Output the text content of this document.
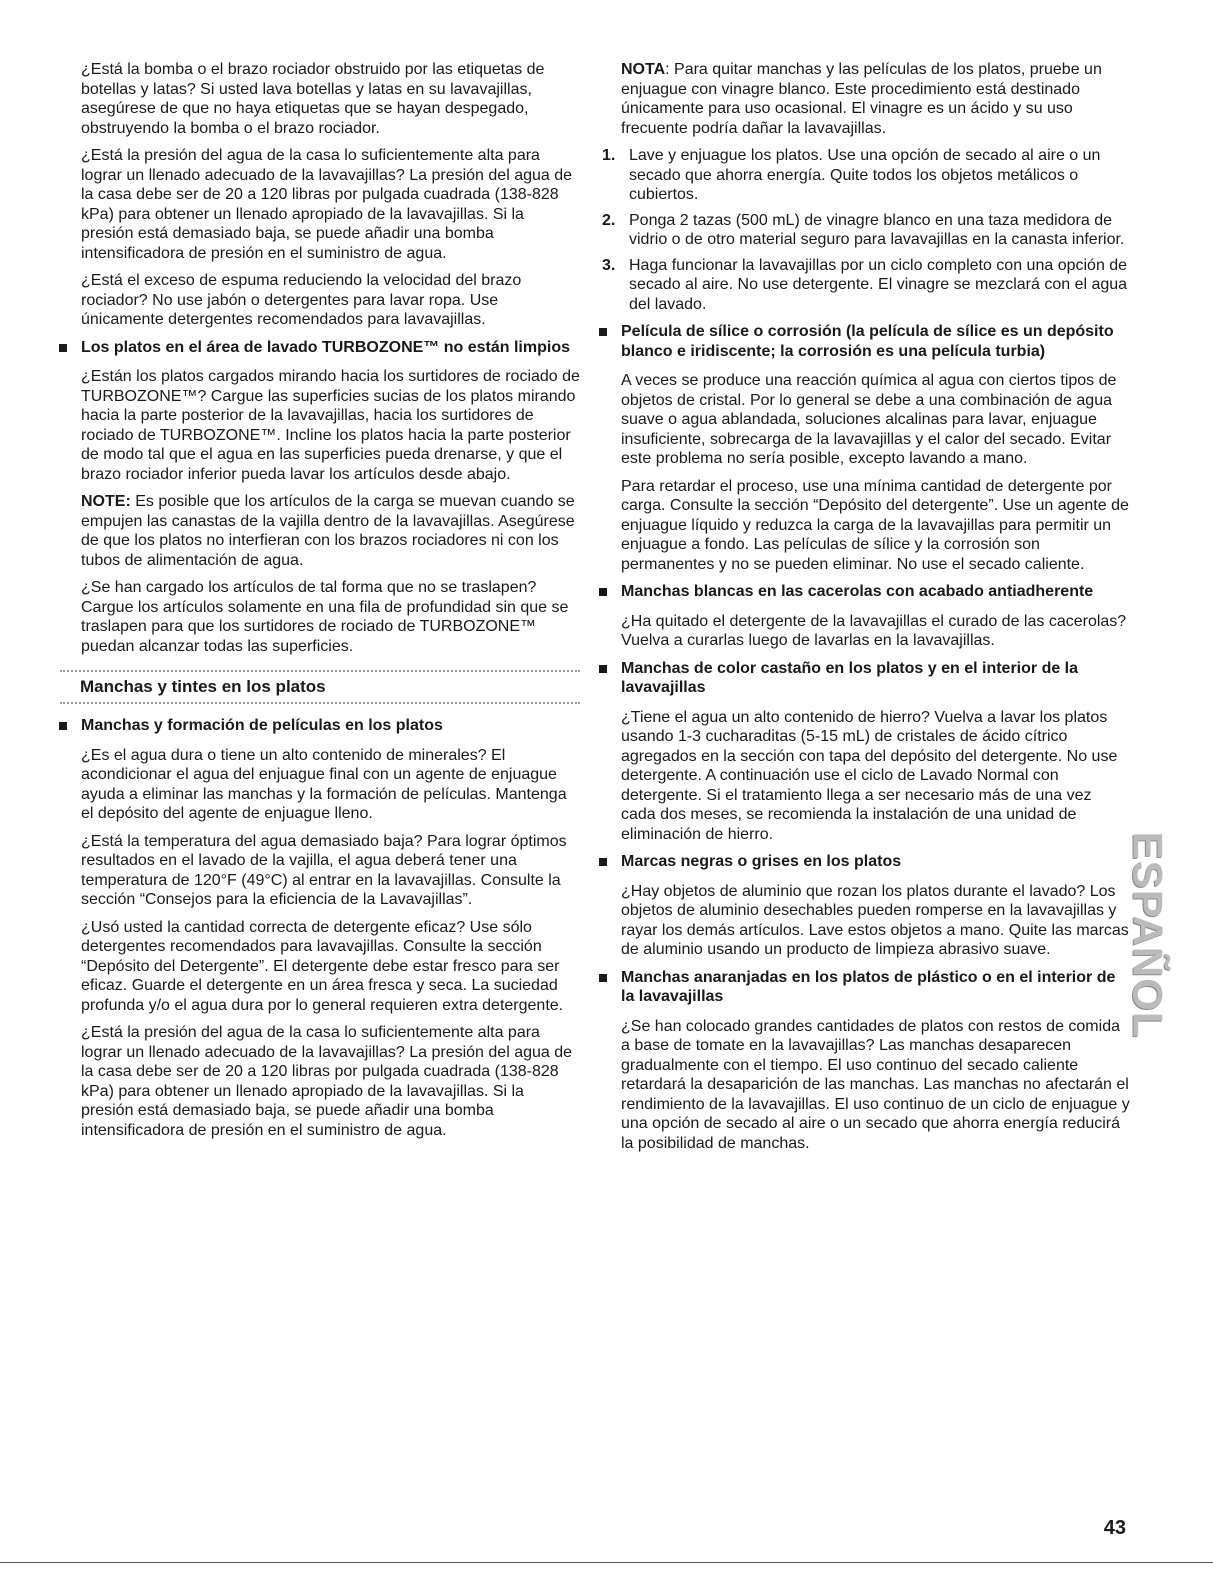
¿Está la bomba o el brazo rociador obstruido por las etiquetas de botellas y latas? Si usted lava botellas y latas en su lavavajillas, asegúrese de que no haya etiquetas que se hayan despegado, obstruyendo la bomba o el brazo rociador.

¿Está la presión del agua de la casa lo suficientemente alta para lograr un llenado adecuado de la lavavajillas? La presión del agua de la casa debe ser de 20 a 120 libras por pulgada cuadrada (138-828 kPa) para obtener un llenado apropiado de la lavavajillas. Si la presión está demasiado baja, se puede añadir una bomba intensificadora de presión en el suministro de agua.

¿Está el exceso de espuma reduciendo la velocidad del brazo rociador? No use jabón o detergentes para lavar ropa. Use únicamente detergentes recomendados para lavavajillas.

Los platos en el área de lavado TURBOZONE™ no están limpios

¿Están los platos cargados mirando hacia los surtidores de rociado de TURBOZONE™? Cargue las superficies sucias de los platos mirando hacia la parte posterior de la lavavajillas, hacia los surtidores de rociado de TURBOZONE™. Incline los platos hacia la parte posterior de modo tal que el agua en las superficies pueda drenarse, y que el brazo rociador inferior pueda lavar los artículos desde abajo.

NOTE: Es posible que los artículos de la carga se muevan cuando se empujen las canastas de la vajilla dentro de la lavavajillas. Asegúrese de que los platos no interfieran con los brazos rociadores ni con los tubos de alimentación de agua.

¿Se han cargado los artículos de tal forma que no se traslapen? Cargue los artículos solamente en una fila de profundidad sin que se traslapen para que los surtidores de rociado de TURBOZONE™ puedan alcanzar todas las superficies.

Manchas y tintes en los platos
Manchas y formación de películas en los platos

¿Es el agua dura o tiene un alto contenido de minerales? El acondicionar el agua del enjuague final con un agente de enjuague ayuda a eliminar las manchas y la formación de películas. Mantenga el depósito del agente de enjuague lleno.

¿Está la temperatura del agua demasiado baja? Para lograr óptimos resultados en el lavado de la vajilla, el agua deberá tener una temperatura de 120°F (49°C) al entrar en la lavavajillas. Consulte la sección “Consejos para la eficiencia de la Lavavajillas”.

¿Usó usted la cantidad correcta de detergente eficaz? Use sólo detergentes recomendados para lavavajillas. Consulte la sección “Depósito del Detergente”. El detergente debe estar fresco para ser eficaz. Guarde el detergente en un área fresca y seca. La suciedad profunda y/o el agua dura por lo general requieren extra detergente.

¿Está la presión del agua de la casa lo suficientemente alta para lograr un llenado adecuado de la lavavajillas? La presión del agua de la casa debe ser de 20 a 120 libras por pulgada cuadrada (138-828 kPa) para obtener un llenado apropiado de la lavavajillas. Si la presión está demasiado baja, se puede añadir una bomba intensificadora de presión en el suministro de agua.

NOTA: Para quitar manchas y las películas de los platos, pruebe un enjuague con vinagre blanco. Este procedimiento está destinado únicamente para uso ocasional. El vinagre es un ácido y su uso frecuente podría dañar la lavavajillas.

1. Lave y enjuague los platos. Use una opción de secado al aire o un secado que ahorra energía. Quite todos los objetos metálicos o cubiertos.
2. Ponga 2 tazas (500 mL) de vinagre blanco en una taza medidora de vidrio o de otro material seguro para lavavajillas en la canasta inferior.
3. Haga funcionar la lavavajillas por un ciclo completo con una opción de secado al aire. No use detergente. El vinagre se mezclará con el agua del lavado.
Película de sílice o corrosión (la película de sílice es un depósito blanco e iridiscente; la corrosión es una película turbia)

A veces se produce una reacción química al agua con ciertos tipos de objetos de cristal. Por lo general se debe a una combinación de agua suave o agua ablandada, soluciones alcalinas para lavar, enjuague insuficiente, sobrecarga de la lavavajillas y el calor del secado. Evitar este problema no sería posible, excepto lavando a mano.

Para retardar el proceso, use una mínima cantidad de detergente por carga. Consulte la sección “Depósito del detergente”. Use un agente de enjuague líquido y reduzca la carga de la lavavajillas para permitir un enjuague a fondo. Las películas de sílice y la corrosión son permanentes y no se pueden eliminar. No use el secado caliente.

Manchas blancas en las cacerolas con acabado antiadherente

¿Ha quitado el detergente de la lavavajillas el curado de las cacerolas? Vuelva a curarlas luego de lavarlas en la lavavajillas.

Manchas de color castaño en los platos y en el interior de la lavavajillas

¿Tiene el agua un alto contenido de hierro? Vuelva a lavar los platos usando 1-3 cucharaditas (5-15 mL) de cristales de ácido cítrico agregados en la sección con tapa del depósito del detergente. No use detergente. A continuación use el ciclo de Lavado Normal con detergente. Si el tratamiento llega a ser necesario más de una vez cada dos meses, se recomienda la instalación de una unidad de eliminación de hierro.

Marcas negras o grises en los platos

¿Hay objetos de aluminio que rozan los platos durante el lavado? Los objetos de aluminio desechables pueden romperse en la lavavajillas y rayar los demás artículos. Lave estos objetos a mano. Quite las marcas de aluminio usando un producto de limpieza abrasivo suave.

Manchas anaranjadas en los platos de plástico o en el interior de la lavavajillas

¿Se han colocado grandes cantidades de platos con restos de comida a base de tomate en la lavavajillas? Las manchas desaparecen gradualmente con el tiempo. El uso continuo del secado caliente retardará la desaparición de las manchas. Las manchas no afectarán el rendimiento de la lavavajillas. El uso continuo de un ciclo de enjuague y una opción de secado al aire o un secado que ahorra energía reducirá la posibilidad de manchas.

ESPAÑOL
43
